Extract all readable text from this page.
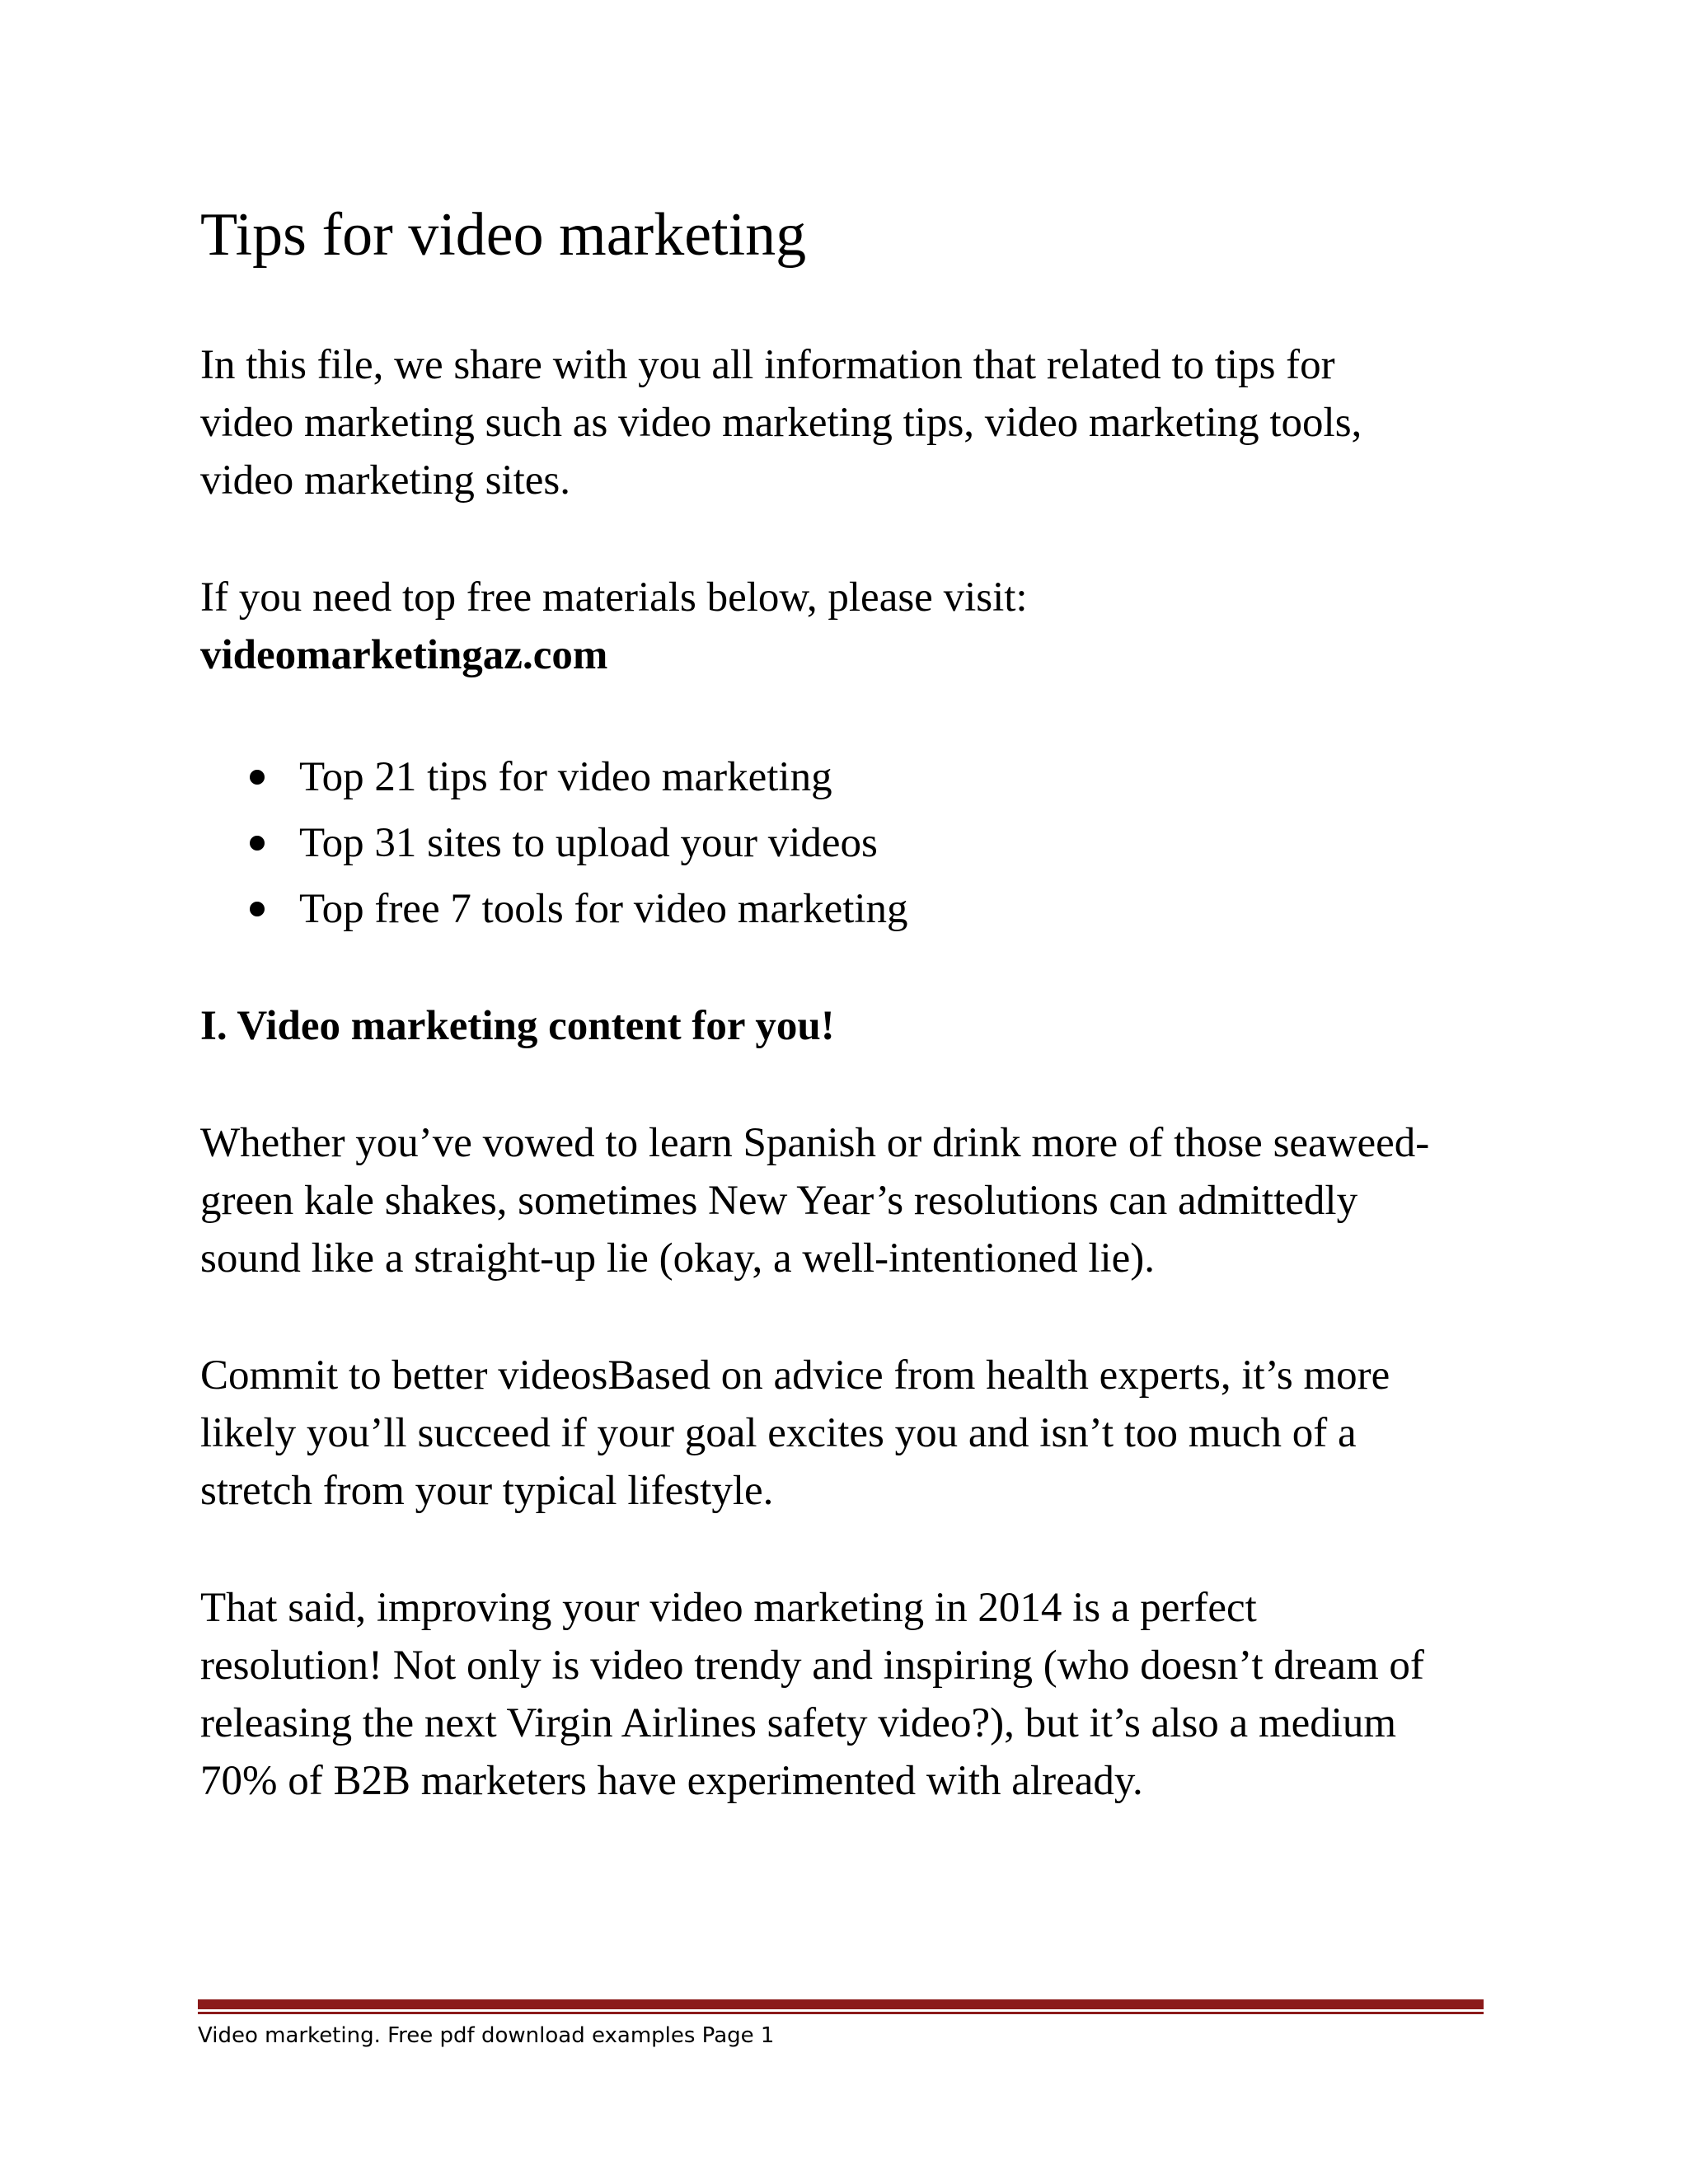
Tips for video marketing

In this file, we share with you all information that related to tips for
video marketing such as video marketing tips, video marketing tools,
video marketing sites.

If you need top free materials below, please visit:
videomarketingaz.com

Top 21 tips for video marketing
Top 31 sites to upload your videos
Top free 7 tools for video marketing
I. Video marketing content for you!

Whether you’ve vowed to learn Spanish or drink more of those seaweed-
green kale shakes, sometimes New Year’s resolutions can admittedly
sound like a straight-up lie (okay, a well-intentioned lie).

Commit to better videosBased on advice from health experts, it’s more
likely you’ll succeed if your goal excites you and isn’t too much of a
stretch from your typical lifestyle.

That said, improving your video marketing in 2014 is a perfect
resolution! Not only is video trendy and inspiring (who doesn’t dream of
releasing the next Virgin Airlines safety video?), but it’s also a medium
70% of B2B marketers have experimented with already.

Video marketing. Free pdf download examples Page 1
